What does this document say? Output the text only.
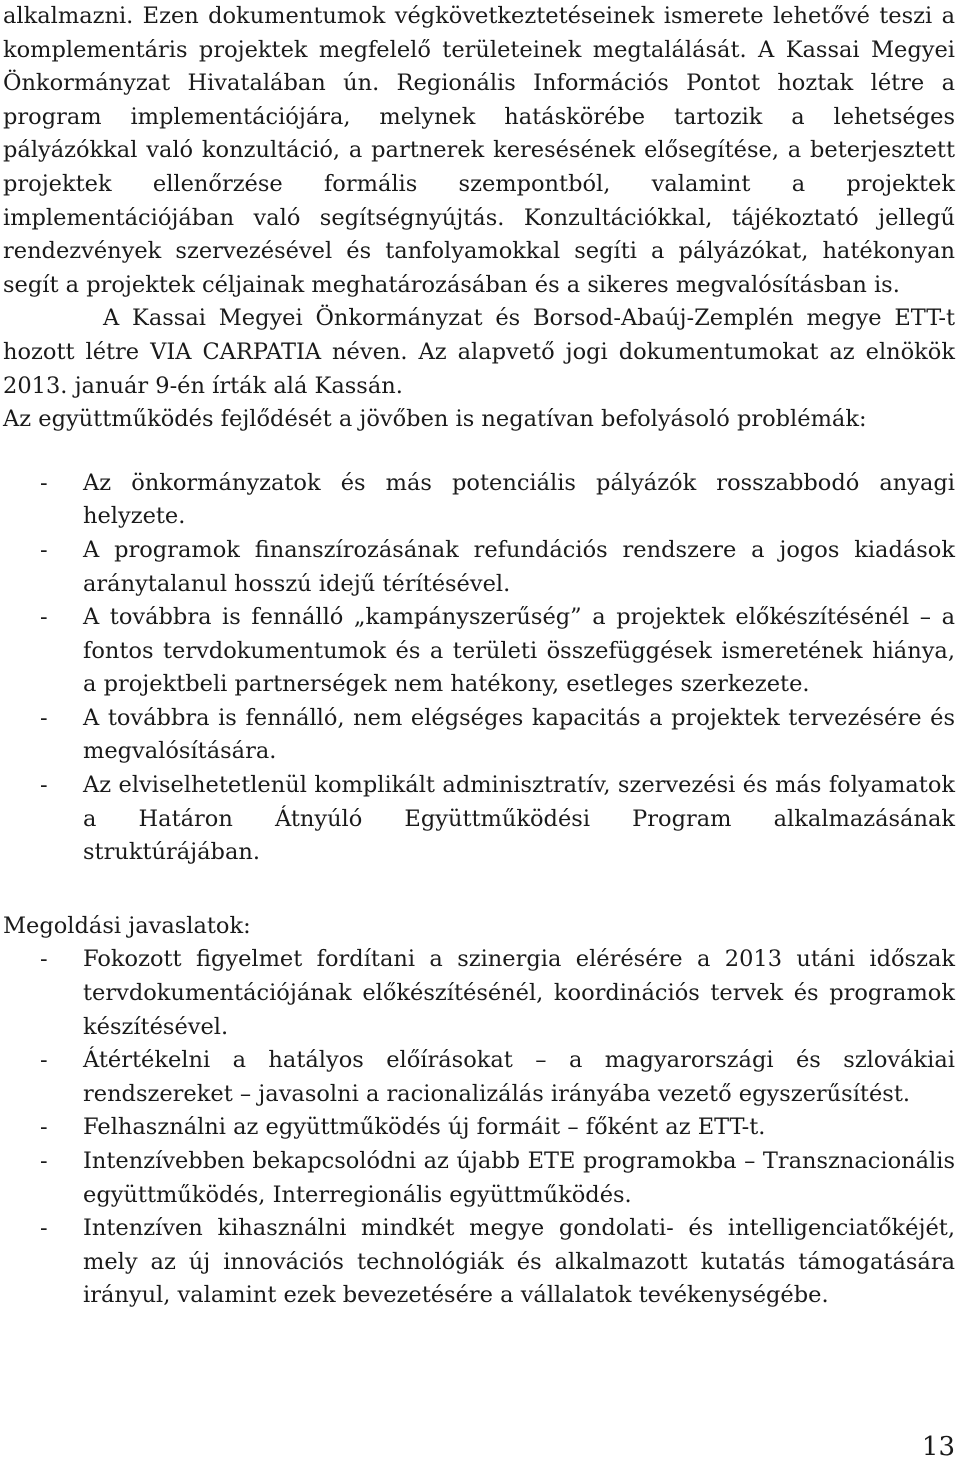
alkalmazni. Ezen dokumentumok végkövetkeztetéseinek ismerete lehetővé teszi a komplementáris projektek megfelelő területeinek megtalálását. A Kassai Megyei Önkormányzat Hivatalában ún. Regionális Információs Pontot hoztak létre a program implementációjára, melynek hatáskörébe tartozik a lehetséges pályázókkal való konzultáció, a partnerek keresésének elősegítése, a beterjesztett projektek ellenőrzése formális szempontból, valamint a projektek implementációjában való segítségnyújtás. Konzultációkkal, tájékoztató jellegű rendezvények szervezésével és tanfolyamokkal segíti a pályázókat, hatékonyan segít a projektek céljainak meghatározásában és a sikeres megvalósításban is.

A Kassai Megyei Önkormányzat és Borsod-Abaúj-Zemplén megye ETT-t hozott létre VIA CARPATIA néven. Az alapvető jogi dokumentumokat az elnökök 2013. január 9-én írták alá Kassán.

Az együttműködés fejlődését a jövőben is negatívan befolyásoló problémák:

- Az önkormányzatok és más potenciális pályázók rosszabbodó anyagi helyzete.
- A programok finanszírozásának refundációs rendszere a jogos kiadások aránytalanul hosszú idejű térítésével.
- A továbbra is fennálló „kampányszerűség” a projektek előkészítésénél – a fontos tervdokumentumok és a területi összefüggések ismeretének hiánya, a projektbeli partnerségek nem hatékony, esetleges szerkezete.
- A továbbra is fennálló, nem elégséges kapacitás a projektek tervezésére és megvalósítására.
- Az elviselhetetlenül komplikált adminisztratív, szervezési és más folyamatok a Határon Átnyúló Együttműködési Program alkalmazásának struktúrájában.

Megoldási javaslatok:

- Fokozott figyelmet fordítani a szinergia elérésére a 2013 utáni időszak tervdokumentációjának előkészítésénél, koordinációs tervek és programok készítésével.
- Átértékelni a hatályos előírásokat – a magyarországi és szlovákiai rendszereket – javasolni a racionalizálás irányába vezető egyszerűsítést.
- Felhasználni az együttműködés új formáit – főként az ETT-t.
- Intenzívebben bekapcsolódni az újabb ETE programokba – Transznacionális együttműködés, Interregionális együttműködés.
- Intenzíven kihasználni mindkét megye gondolati- és intelligenciatőkéjét, mely az új innovációs technológiák és alkalmazott kutatás támogatására irányul, valamint ezek bevezetésére a vállalatok tevékenységébe.
13
